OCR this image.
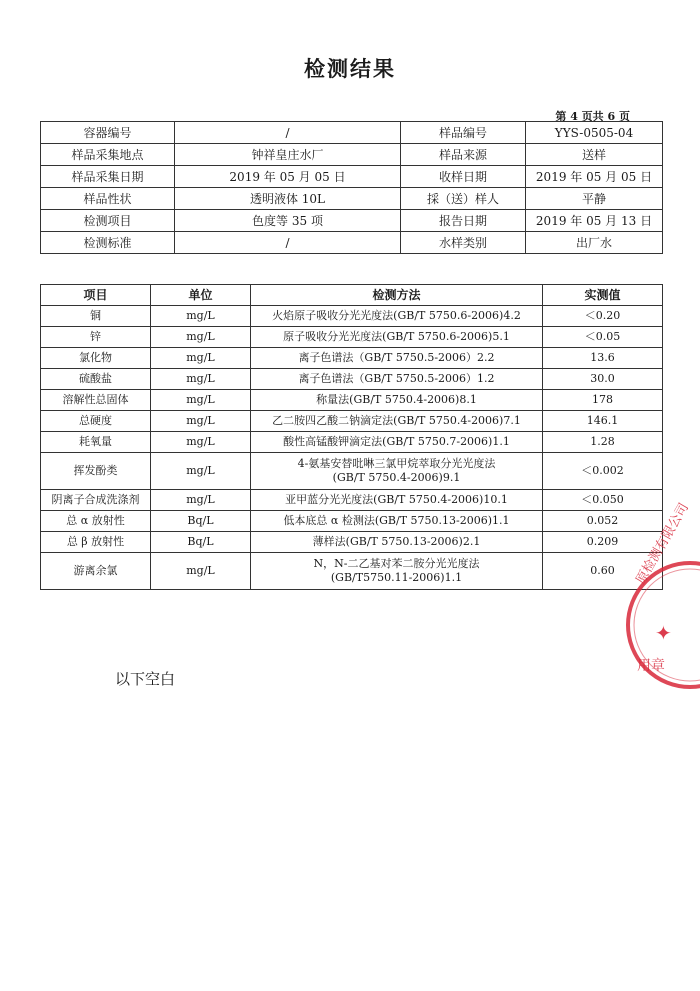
检测结果
第 4 页共 6 页
容器编号	/	样品编号	YYS-0505-04
样品采集地点	钟祥皇庄水厂	样品来源	送样
样品采集日期	2019 年 05 月 05 日	收样日期	2019 年 05 月 05 日
样品性状	透明液体 10L	採（送）样人	平静
检测项目	色度等 35 项	报告日期	2019 年 05 月 13 日
检测标准	/	水样类别	出厂水
项目	单位	检测方法	实测值
铜	mg/L	火焰原子吸收分光光度法(GB/T 5750.6-2006)4.2	＜0.20
锌	mg/L	原子吸收分光光度法(GB/T 5750.6-2006)5.1	＜0.05
氯化物	mg/L	离子色谱法（GB/T 5750.5-2006）2.2	13.6
硫酸盐	mg/L	离子色谱法（GB/T 5750.5-2006）1.2	30.0
溶解性总固体	mg/L	称量法(GB/T 5750.4-2006)8.1	178
总硬度	mg/L	乙二胺四乙酸二钠滴定法(GB/T 5750.4-2006)7.1	146.1
耗氧量	mg/L	酸性高锰酸钾滴定法(GB/T 5750.7-2006)1.1	1.28
挥发酚类	mg/L	4-氨基安替吡啉三氯甲烷萃取分光光度法
(GB/T 5750.4-2006)9.1	＜0.002
阴离子合成洗涤剂	mg/L	亚甲蓝分光光度法(GB/T 5750.4-2006)10.1	＜0.050
总 α 放射性	Bq/L	低本底总 α 检测法(GB/T 5750.13-2006)1.1	0.052
总 β 放射性	Bq/L	薄样法(GB/T 5750.13-2006)2.1	0.209
游离余氯	mg/L	N，N-二乙基对苯二胺分光光度法
(GB/T5750.11-2006)1.1	0.60
以下空白
原检测有限公司
✦
用章
